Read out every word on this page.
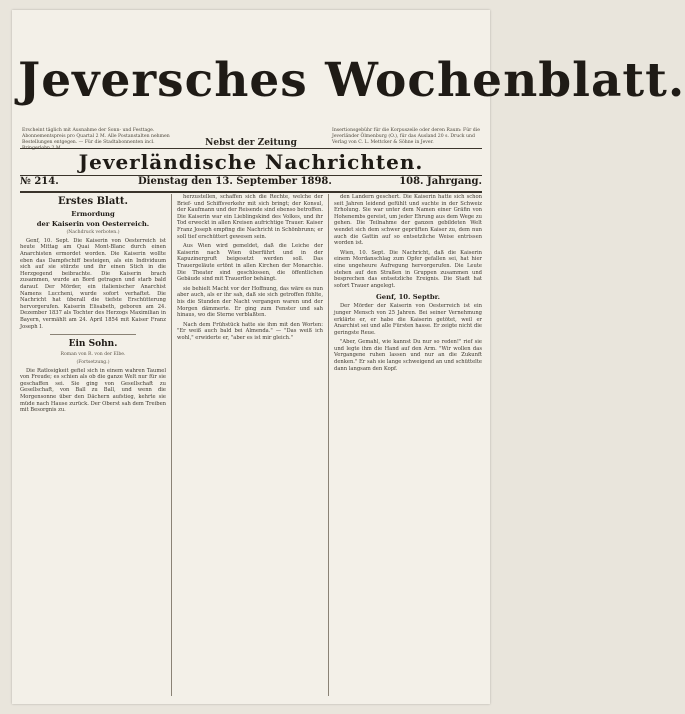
Jeversches Wochenblatt.
Erscheint täglich mit Ausnahme der Sonn- und Festtage. Abonnementspreis pro Quartal 2 M. Alle Postanstalten nehmen Bestellungen entgegen. — Für die Stadtabonnenten incl. Bringerlohn 2 M.
Nebst der Zeitung
Insertionsgebühr für die Korpuszeile oder deren Raum: Für die Jeverländer Ölmenburg (O.), für das Ausland 20 s. Druck und Verlag von C. L. Mettcker & Söhne in Jever.
Jeverländische Nachrichten.
№ 214.	Dienstag den 13. September 1898.	108. Jahrgang.
Erstes Blatt.
Ermordung
der Kaiserin von Oesterreich.
(Nachdruck verboten.)
Genf, 10. Sept. Die Kaiserin von Oesterreich ist heute Mittag am Quai Mont-Blanc durch einen Anarchisten ermordet worden. Die Kaiserin wollte eben das Dampfschiff besteigen, als ein Individuum sich auf sie stürzte und ihr einen Stich in die Herzgegend beibrachte. Die Kaiserin brach zusammen, wurde an Bord getragen und starb bald darauf. Der Mörder, ein italienischer Anarchist Namens Luccheni, wurde sofort verhaftet. Die Nachricht hat überall die tiefste Erschütterung hervorgerufen. Kaiserin Elisabeth, geboren am 24. Dezember 1837 als Tochter des Herzogs Maximilian in Bayern, vermählt am 24. April 1854 mit Kaiser Franz Joseph I.
Ein Sohn.
Roman von R. von der Elbe.
(Fortsetzung.)
Die Ratlosigkeit gefiel sich in einem wahren Taumel von Freude; es schien als ob die ganze Welt nur für sie geschaffen sei. Sie ging von Gesellschaft zu Gesellschaft, von Ball zu Ball, und wenn die Morgensonne über den Dächern aufstieg, kehrte sie müde nach Hause zurück. Der Oberst sah dem Treiben mit Besorgnis zu.
herzustellen, schaffen sich die Rechte, welche der Brief- und Schiffsverkehr mit sich bringt; der Konsul, der Kaufmann und der Reisende sind ebenso betroffen. Die Kaiserin war ein Lieblingskind des Volkes, und ihr Tod erweckt in allen Kreisen aufrichtige Trauer. Kaiser Franz Joseph empfing die Nachricht in Schönbrunn; er soll tief erschüttert gewesen sein.
Aus Wien wird gemeldet, daß die Leiche der Kaiserin nach Wien überführt und in der Kapuzinergruft beigesetzt werden soll. Das Trauergeläute ertönt in allen Kirchen der Monarchie. Die Theater sind geschlossen, die öffentlichen Gebäude sind mit Trauerflor behängt.
sie behielt Macht vor der Hoffnung, das wäre es nun aber auch, als er ihr sah, daß sie sich getroffen fühlte, bis die Stunden der Nacht vergangen waren und der Morgen dämmerte. Er ging zum Fenster und sah hinaus, wo die Sterne verblaßten.
Nach dem Frühstück hatte sie ihm mit den Worten: "Er weiß auch bald bei Almenda." — "Das weiß ich wohl," erwiderte er, "aber es ist mir gleich."
den Landern geschert. Die Kaiserin hatte sich schon seit Jahren leidend gefühlt und suchte in der Schweiz Erholung. Sie war unter dem Namen einer Gräfin von Hohenembs gereist, um jeder Ehrung aus dem Wege zu gehen. Die Teilnahme der ganzen gebildeten Welt wendet sich dem schwer geprüften Kaiser zu, dem nun auch die Gattin auf so entsetzliche Weise entrissen worden ist.
Wien, 10. Sept. Die Nachricht, daß die Kaiserin einem Mordanschlag zum Opfer gefallen sei, hat hier eine ungeheure Aufregung hervorgerufen. Die Leute stehen auf den Straßen in Gruppen zusammen und besprechen das entsetzliche Ereignis. Die Stadt hat sofort Trauer angelegt.
Genf, 10. Septbr.
Der Mörder der Kaiserin von Oesterreich ist ein junger Mensch von 25 Jahren. Bei seiner Vernehmung erklärte er, er habe die Kaiserin getötet, weil er Anarchist sei und alle Fürsten hasse. Er zeigte nicht die geringste Reue.
"Aber, Gemahl, wie kannst Du nur so reden!" rief sie und legte ihm die Hand auf den Arm. "Wir wollen das Vergangene ruhen lassen und nur an die Zukunft denken." Er sah sie lange schweigend an und schüttelte dann langsam den Kopf.
